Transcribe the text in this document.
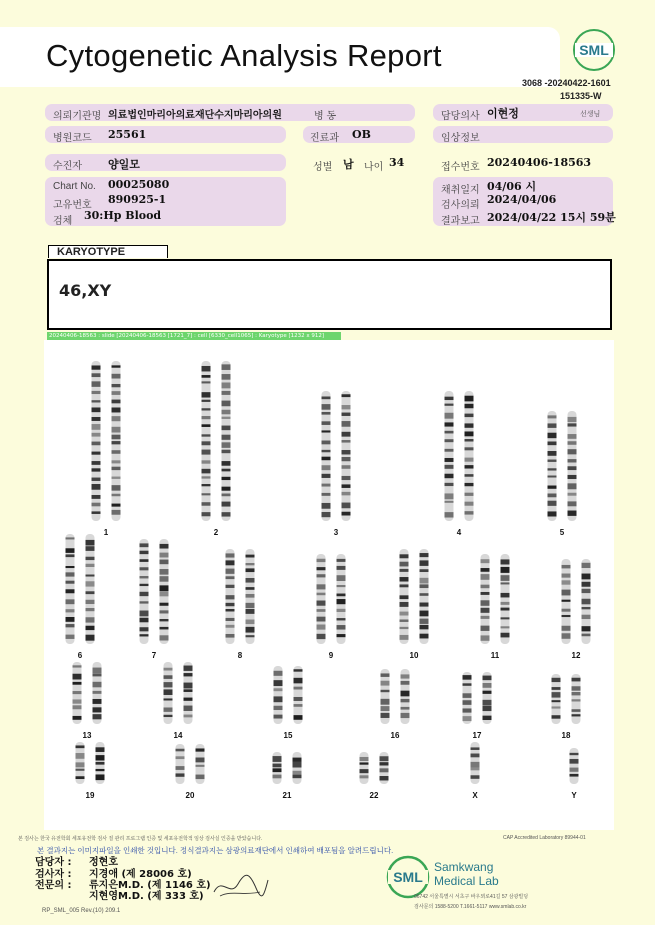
Cytogenetic Analysis Report	SML
3068 -20240422-1601
151335-W
의뢰기관명 의료법인마리아의료재단수지마리아의원	병 동	담당의사 이현정	선생님
병원코드 25561	진료과 OB	임상정보
수진자 양일모	성별 남 나이 34	접수번호 20240406-18563
Chart No. 00025080
고유번호 890925-1
검체 30:Hp Blood
채취일지 04/06 시
검사의뢰 2024/04/06
결과보고 2024/04/22 15시 59분
KARYOTYPE
46,XY
20240406-18563 : slide [20240406-18563 [1721_7] : cell [6330_cell1065] : Karyotype [1232 x 912]
1	2	3	4	5
6	7	8	9	10	11	12
13	14	15	16	17	18
19	20	21	22	X	Y
본 검사는 한국 유전학회 세포유전학 검사 질 관리 프로그램 인증 및 세포유전학적 임상 검사실 인증을 받았습니다.	CAP Accredited Laboratory 89944-01
본 결과지는 이미지파일을 인쇄한 것입니다. 정식결과지는 삼광의료재단에서 인쇄하여 배포됨을 알려드립니다.
담당자 : 정현호
검사자 : 지경애 (제 28006 호)
전문의 : 류지은M.D. (제 1146 호)
지현영M.D. (제 333 호)
SML
Samkwang
Medical Lab
06742 서울특별시 서초구 바우뫼로41길 57 삼광빌딩
검사문의 1588-5200 T.1661-5117 www.smlab.co.kr
RP_SML_005 Rev.(10) 209.1
